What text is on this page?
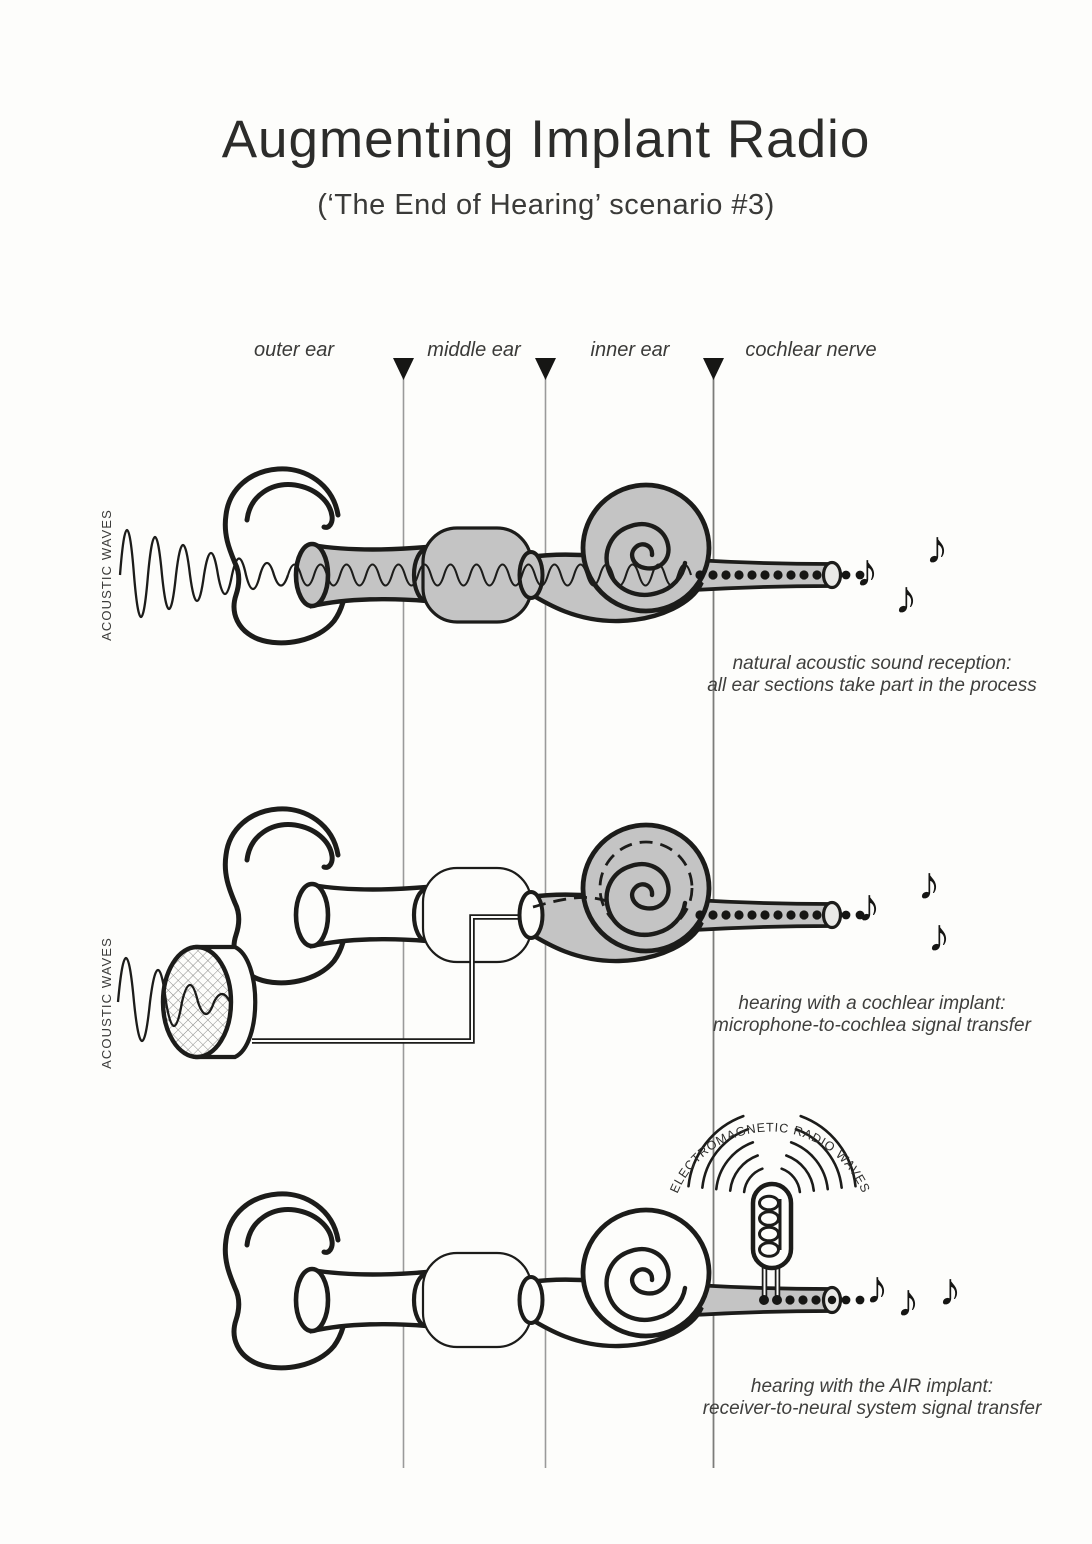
Augmenting Implant Radio
(‘The End of Hearing’ scenario #3)
outer ear	middle ear	inner ear	cochlear nerve
ACOUSTIC WAVES	♪ ♪
♪
natural acoustic sound reception:
all ear sections take part in the process
ACOUSTIC WAVES
♪ ♪
♪
hearing with a cochlear implant:
microphone-to-cochlea signal transfer
ELECTROMAGNETIC RADIO WAVES
♪ ♪ ♪
hearing with the AIR implant:
receiver-to-neural system signal transfer
